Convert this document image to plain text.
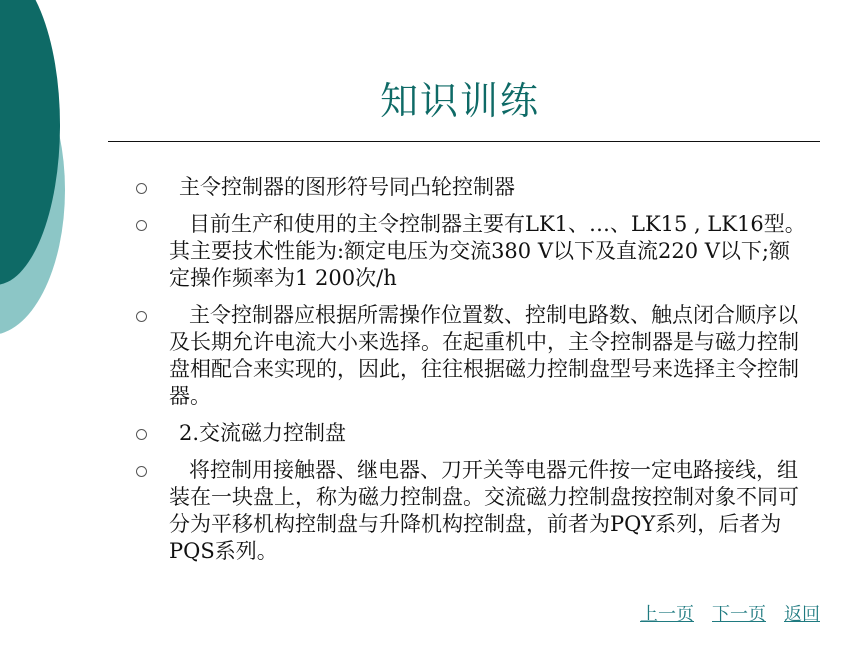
知识训练
主令控制器的图形符号同凸轮控制器
目前生产和使用的主令控制器主要有LK1、…、LK15 , LK16型。其主要技术性能为:额定电压为交流380 V以下及直流220 V以下;额定操作频率为1 200次/h
主令控制器应根据所需操作位置数、控制电路数、触点闭合顺序以及长期允许电流大小来选择。在起重机中，主令控制器是与磁力控制盘相配合来实现的，因此，往往根据磁力控制盘型号来选择主令控制器。
2.交流磁力控制盘
将控制用接触器、继电器、刀开关等电器元件按一定电路接线，组装在一块盘上，称为磁力控制盘。交流磁力控制盘按控制对象不同可分为平移机构控制盘与升降机构控制盘，前者为PQY系列，后者为PQS系列。
上一页 下一页 返回
